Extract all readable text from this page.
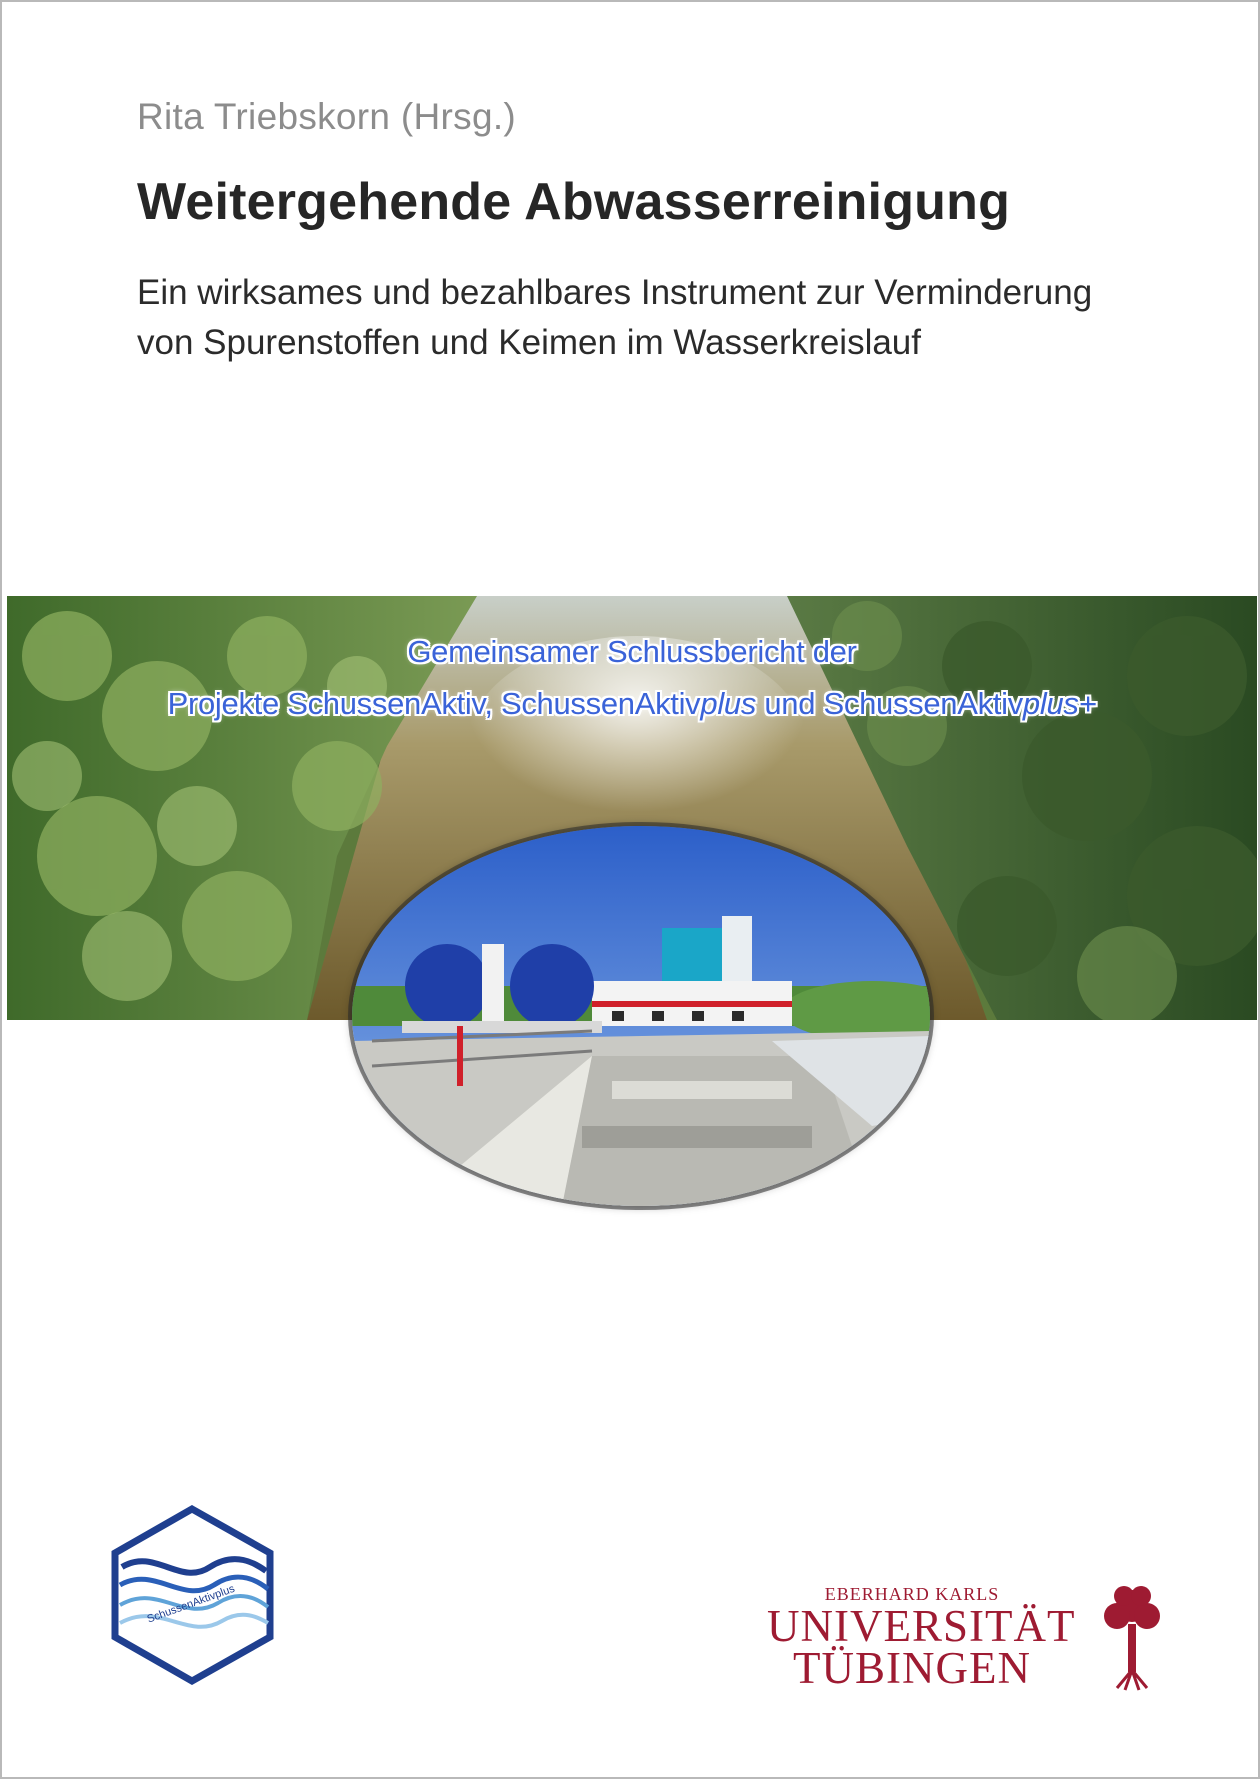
Rita Triebskorn (Hrsg.)
Weitergehende Abwasserreinigung
Ein wirksames und bezahlbares Instrument zur Verminderung von Spurenstoffen und Keimen im Wasserkreislauf
Gemeinsamer Schlussbericht der
Projekte SchussenAktiv, SchussenAktivplus und SchussenAktivplus+
SchussenAktivplus	EBERHARD KARLS
UNIVERSITÄT
TÜBINGEN
